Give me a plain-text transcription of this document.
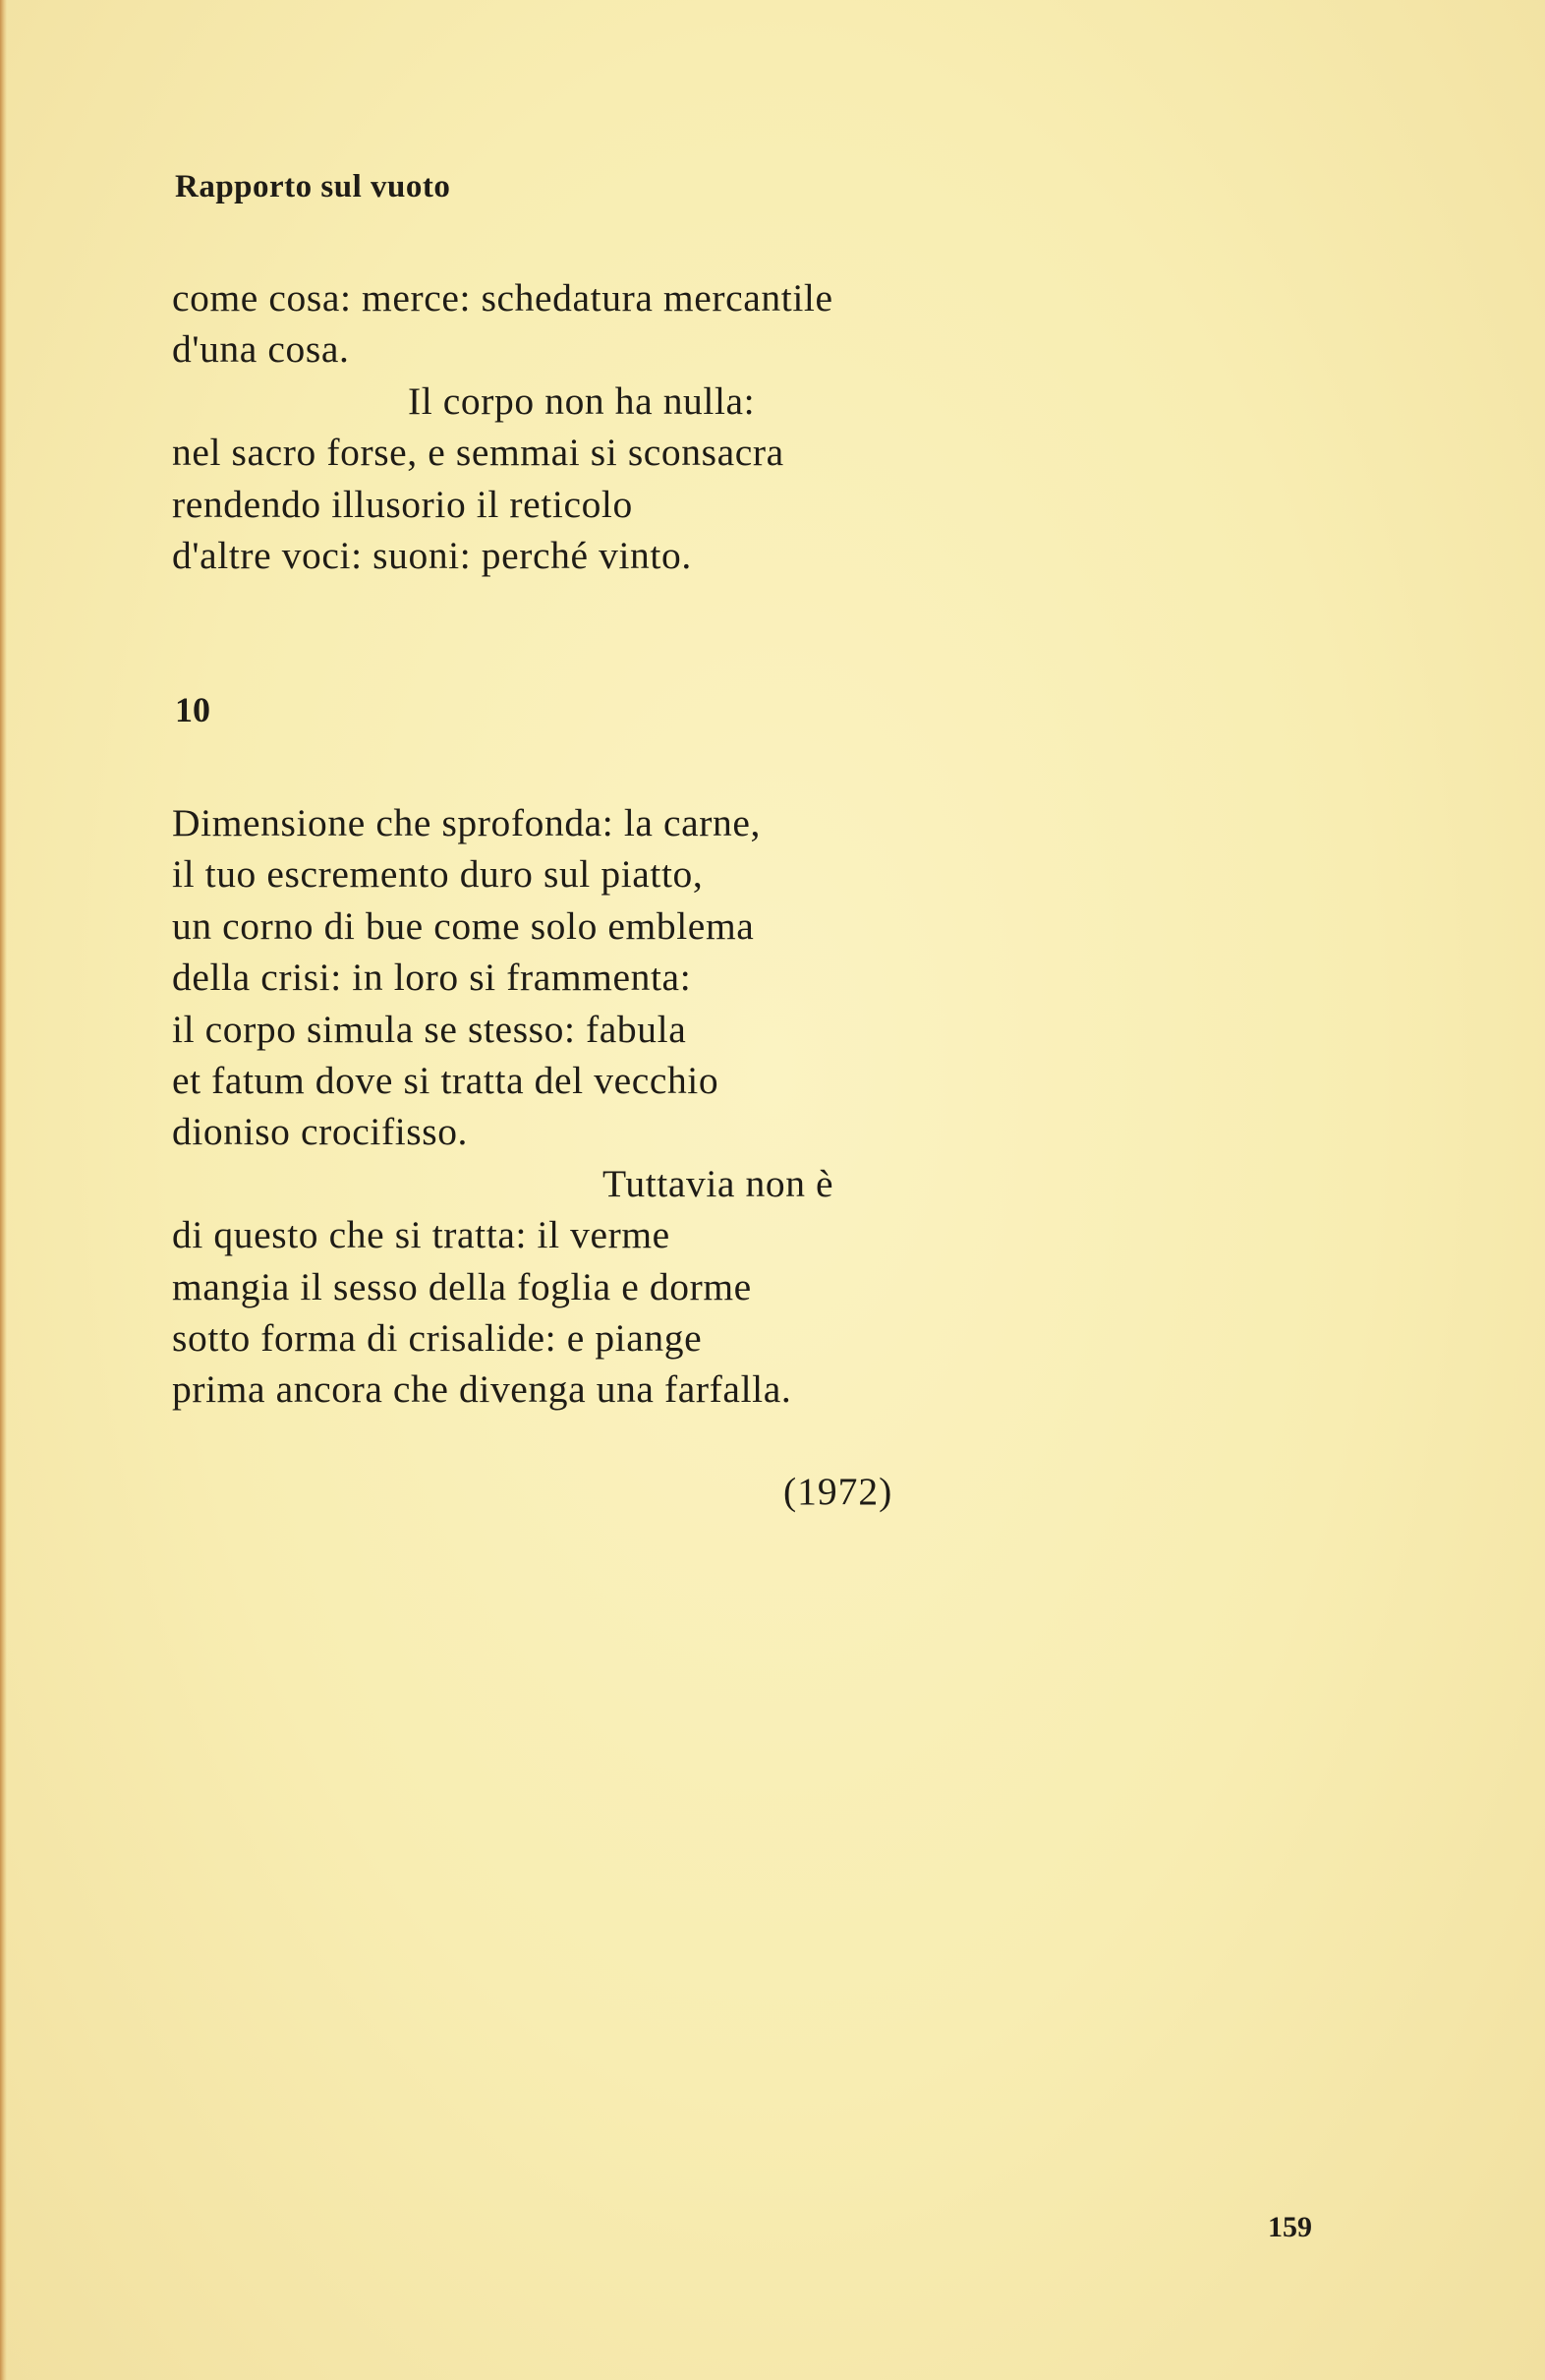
Rapporto sul vuoto
come cosa: merce: schedatura mercantile
d'una cosa.
Il corpo non ha nulla:
nel sacro forse, e semmai si sconsacra
rendendo illusorio il reticolo
d'altre voci: suoni: perché vinto.
10
Dimensione che sprofonda: la carne,
il tuo escremento duro sul piatto,
un corno di bue come solo emblema
della crisi: in loro si frammenta:
il corpo simula se stesso: fabula
et fatum dove si tratta del vecchio
dioniso crocifisso.
Tuttavia non è
di questo che si tratta: il verme
mangia il sesso della foglia e dorme
sotto forma di crisalide: e piange
prima ancora che divenga una farfalla.
(1972)
159
